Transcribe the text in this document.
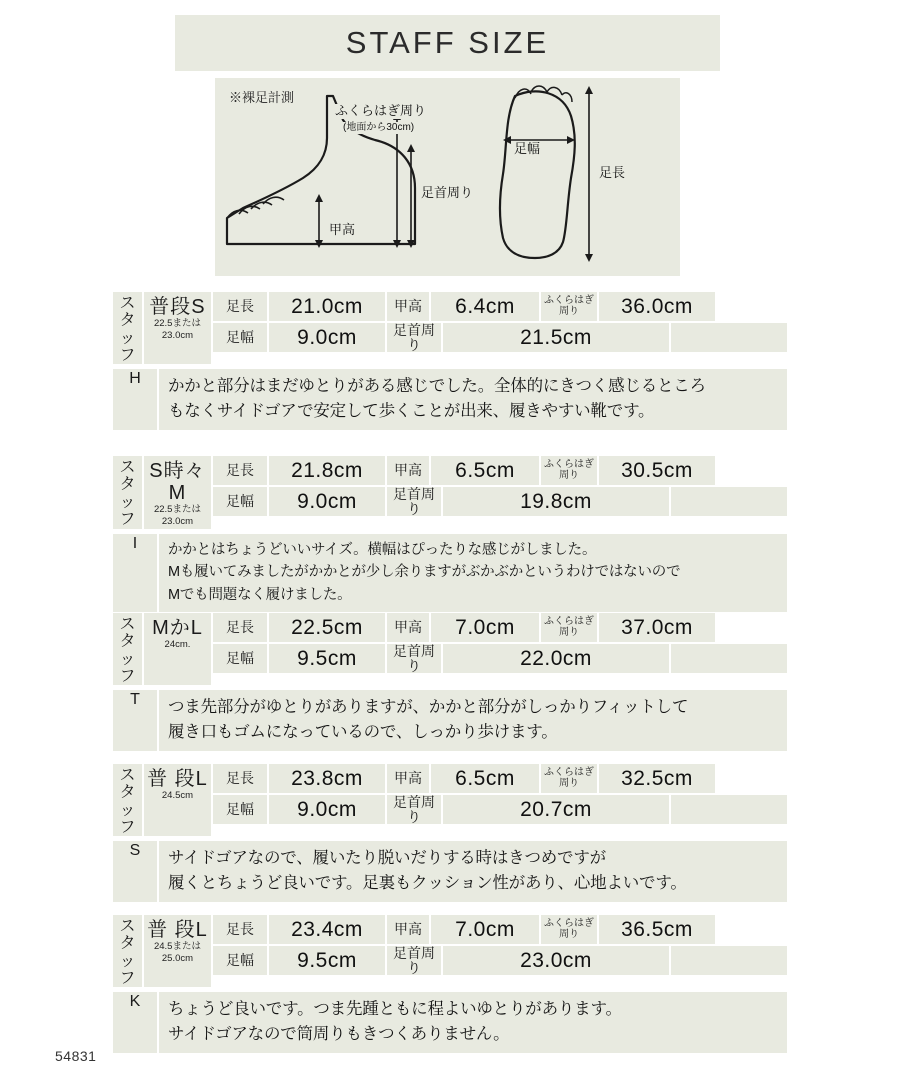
STAFF SIZE
※裸足計測
ふくらはぎ周り
(地面から30cm)
足首周り
甲高
足幅
足長
ス
タ
ッ
フ
普段S
22.5または23.0cm
足長	21.0cm	甲高	6.4cm	ふくらはぎ
周り	36.0cm
足幅	9.0cm	足首周り	21.5cm
H	かかと部分はまだゆとりがある感じでした。全体的にきつく感じるところ
もなくサイドゴアで安定して歩くことが出来、履きやすい靴です。
ス
タ
ッ
フ
S時々M
22.5または23.0cm
足長	21.8cm	甲高	6.5cm	ふくらはぎ
周り	30.5cm
足幅	9.0cm	足首周り	19.8cm
I	かかとはちょうどいいサイズ。横幅はぴったりな感じがしました。
Mも履いてみましたがかかとが少し余りますがぶかぶかというわけではないので
Mでも問題なく履けました。
ス
タ
ッ
フ
MかL
24cm.
足長	22.5cm	甲高	7.0cm	ふくらはぎ
周り	37.0cm
足幅	9.5cm	足首周り	22.0cm
T	つま先部分がゆとりがありますが、かかと部分がしっかりフィットして
履き口もゴムになっているので、しっかり歩けます。
ス
タ
ッ
フ
普 段L
24.5cm
足長	23.8cm	甲高	6.5cm	ふくらはぎ
周り	32.5cm
足幅	9.0cm	足首周り	20.7cm
S	サイドゴアなので、履いたり脱いだりする時はきつめですが
履くとちょうど良いです。足裏もクッション性があり、心地よいです。
ス
タ
ッ
フ
普 段L
24.5または25.0cm
足長	23.4cm	甲高	7.0cm	ふくらはぎ
周り	36.5cm
足幅	9.5cm	足首周り	23.0cm
K	ちょうど良いです。つま先踵ともに程よいゆとりがあります。
サイドゴアなので筒周りもきつくありません。
54831
